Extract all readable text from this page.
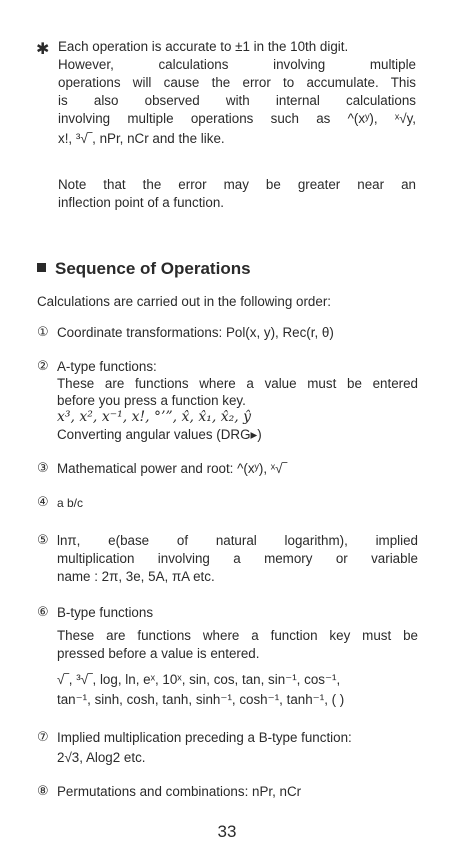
✱ Each operation is accurate to ±1 in the 10th digit.
However, calculations involving multiple
operations will cause the error to accumulate. This
is also observed with internal calculations
involving multiple operations such as ^(xʸ), ˣ√y,
x!, ³√‾, nPr, nCr and the like.
Note that the error may be greater near an
inflection point of a function.
Sequence of Operations
Calculations are carried out in the following order:
① Coordinate transformations: Pol(x, y), Rec(r, θ)
② A-type functions:
These are functions where a value must be entered
before you press a function key.
x³, x², x⁻¹, x!, °’”, x̂, x̂₁, x̂₂, ŷ
Converting angular values (DRG▸)
③ Mathematical power and root: ^(xʸ), ˣ√‾
④ a b/c
⑤ lnπ, e(base of natural logarithm), implied
multiplication involving a memory or variable
name : 2π, 3e, 5A, πA etc.
⑥ B-type functions
These are functions where a function key must be
pressed before a value is entered.
√‾, ³√‾, log, ln, eˣ, 10ˣ, sin, cos, tan, sin⁻¹, cos⁻¹,
tan⁻¹, sinh, cosh, tanh, sinh⁻¹, cosh⁻¹, tanh⁻¹, ( )
⑦ Implied multiplication preceding a B-type function:
2√3, Alog2 etc.
⑧ Permutations and combinations: nPr, nCr
33
